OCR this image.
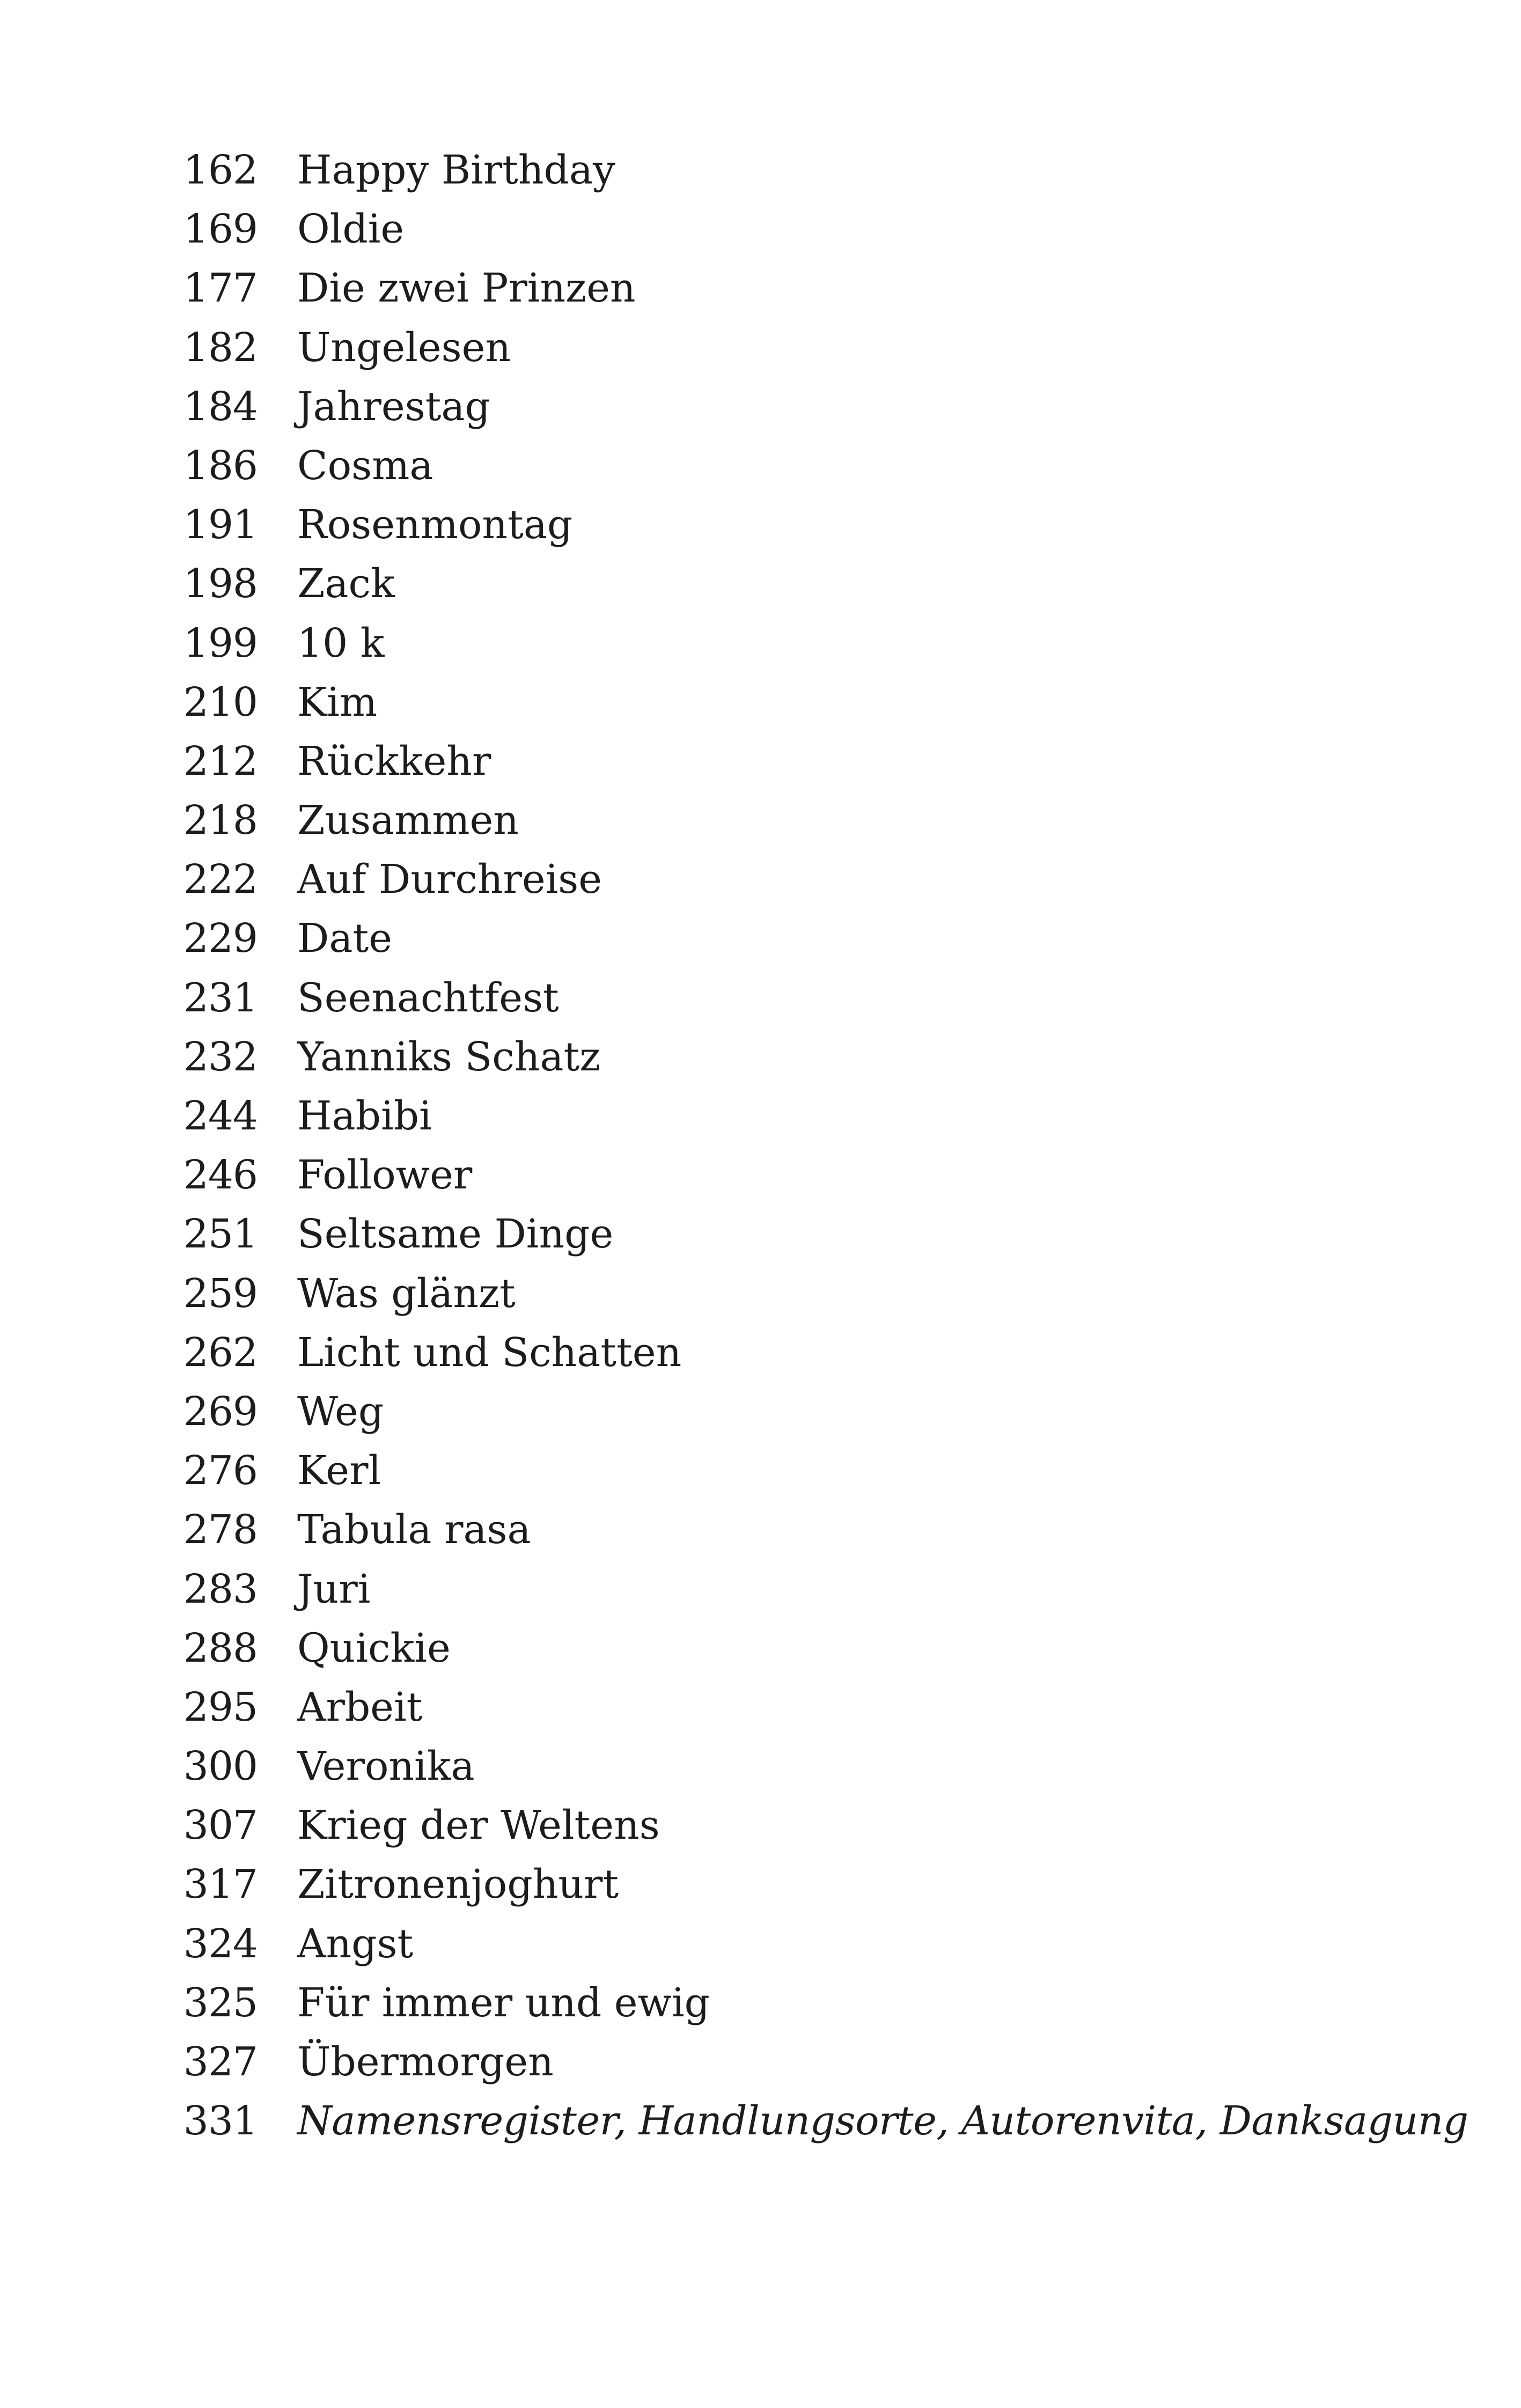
162 Happy Birthday
169 Oldie
177 Die zwei Prinzen
182 Ungelesen
184 Jahrestag
186 Cosma
191 Rosenmontag
198 Zack
199 10 k
210 Kim
212 Rückkehr
218 Zusammen
222 Auf Durchreise
229 Date
231 Seenachtfest
232 Yanniks Schatz
244 Habibi
246 Follower
251 Seltsame Dinge
259 Was glänzt
262 Licht und Schatten
269 Weg
276 Kerl
278 Tabula rasa
283 Juri
288 Quickie
295 Arbeit
300 Veronika
307 Krieg der Weltens
317 Zitronenjoghurt
324 Angst
325 Für immer und ewig
327 Übermorgen
331 Namensregister, Handlungsorte, Autorenvita, Danksagung
